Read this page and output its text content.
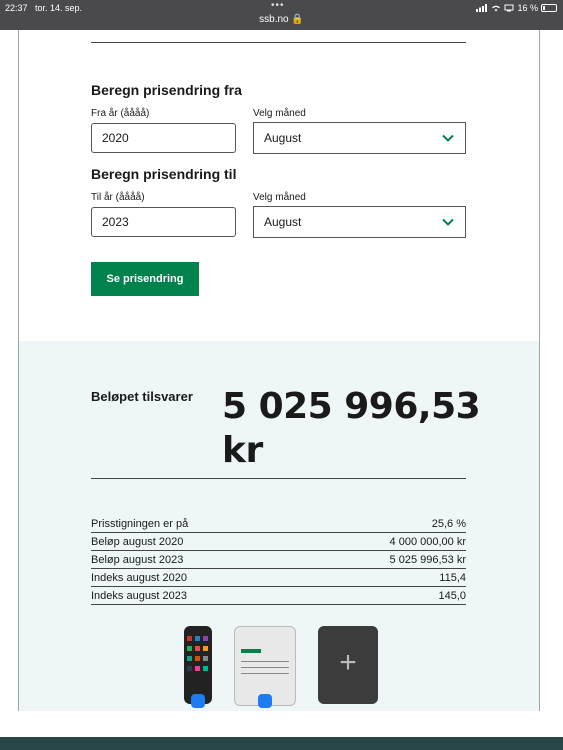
22:37 tor. 14. sep.	•••
ssb.no 🔒
16 %
Beregn prisendring fra
Fra år (åååå)	Velg måned
2020
August
Beregn prisendring til
Til år (åååå)	Velg måned
2023
August
Se prisendring
Beløpet tilsvarer 5 025 996,53 kr
Prisstigningen er på	25,6 %
Beløp august 2020	4 000 000,00 kr
Beløp august 2023	5 025 996,53 kr
Indeks august 2020	115,4
Indeks august 2023	145,0
+
kvinn egu...	ssb.no og 4 andre faner
Nytt vindu
